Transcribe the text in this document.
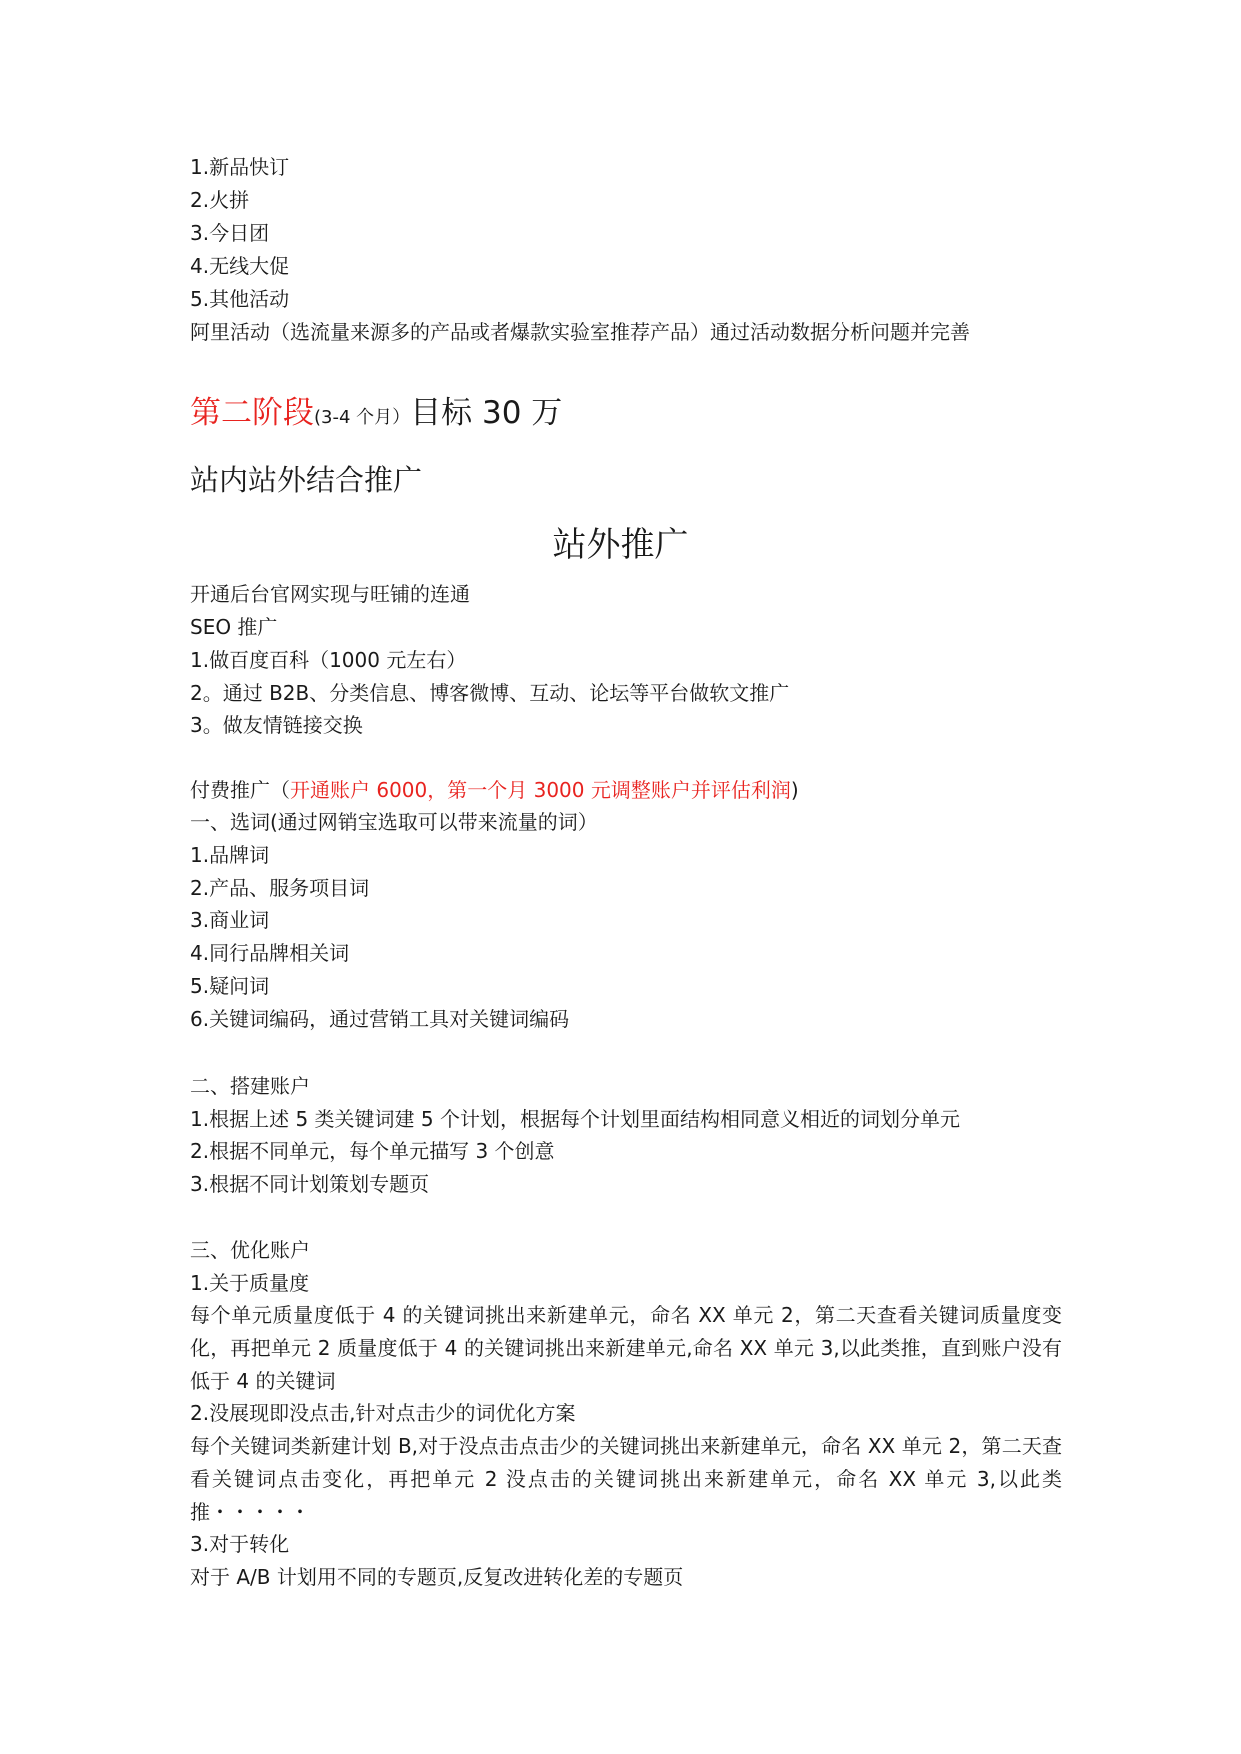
1.新品快订
2.火拼
3.今日团
4.无线大促
5.其他活动
阿里活动（选流量来源多的产品或者爆款实验室推荐产品）通过活动数据分析问题并完善
第二阶段(3-4 个月）目标 30 万
站内站外结合推广
站外推广
开通后台官网实现与旺铺的连通
SEO 推广
1.做百度百科（1000 元左右）
2。通过 B2B、分类信息、博客微博、互动、论坛等平台做软文推广
3。做友情链接交换
付费推广（开通账户 6000，第一个月 3000 元调整账户并评估利润)
一、选词(通过网销宝选取可以带来流量的词）
1.品牌词
2.产品、服务项目词
3.商业词
4.同行品牌相关词
5.疑问词
6.关键词编码，通过营销工具对关键词编码
二、搭建账户
1.根据上述 5 类关键词建 5 个计划，根据每个计划里面结构相同意义相近的词划分单元
2.根据不同单元，每个单元描写 3 个创意
3.根据不同计划策划专题页
三、优化账户
1.关于质量度
每个单元质量度低于 4 的关键词挑出来新建单元，命名 XX 单元 2，第二天查看关键词质量度变化，再把单元 2 质量度低于 4 的关键词挑出来新建单元,命名 XX 单元 3,以此类推，直到账户没有低于 4 的关键词
2.没展现即没点击,针对点击少的词优化方案
每个关键词类新建计划 B,对于没点击点击少的关键词挑出来新建单元，命名 XX 单元 2，第二天查看关键词点击变化，再把单元 2 没点击的关键词挑出来新建单元，命名 XX 单元 3,以此类推・・・・・
3.对于转化
对于 A/B 计划用不同的专题页,反复改进转化差的专题页
